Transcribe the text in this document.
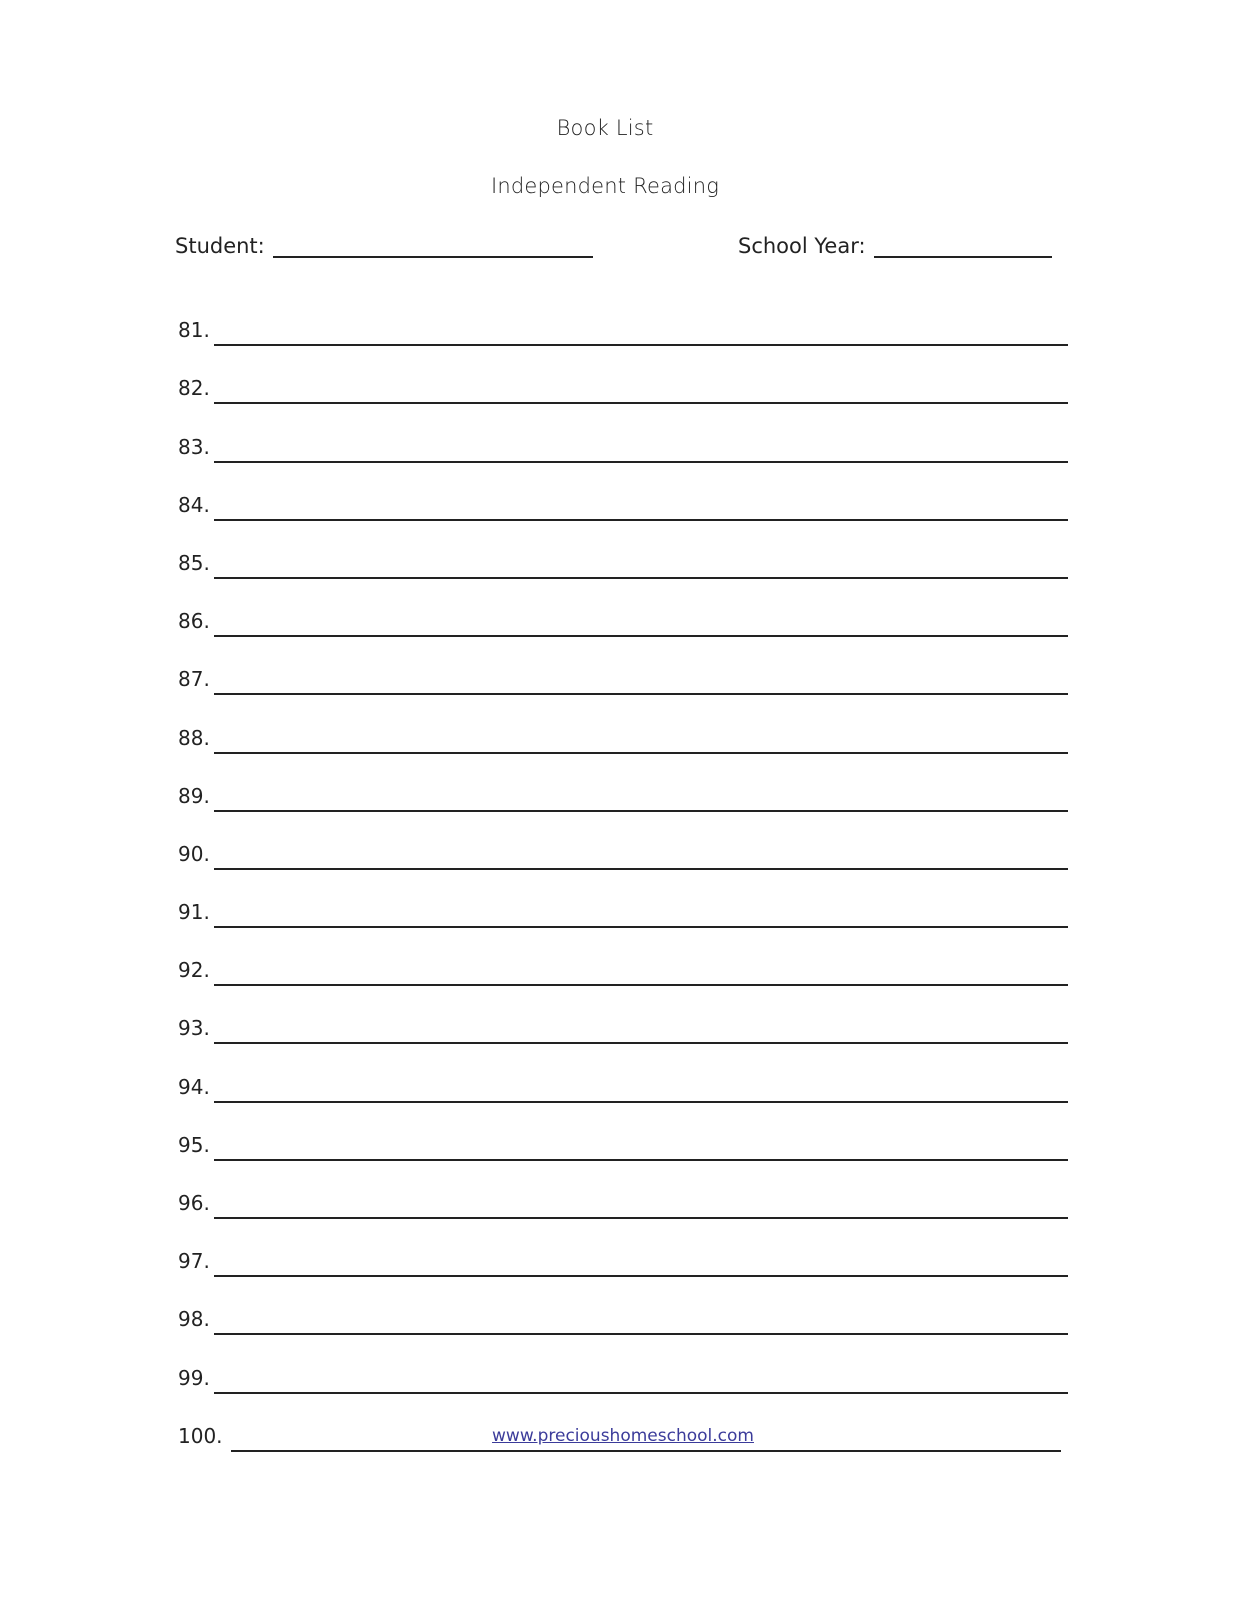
Book List
Independent Reading
Student:	School Year:
81.
82.
83.
84.
85.
86.
87.
88.
89.
90.
91.
92.
93.
94.
95.
96.
97.
98.
99.
100.	www.precioushomeschool.com
